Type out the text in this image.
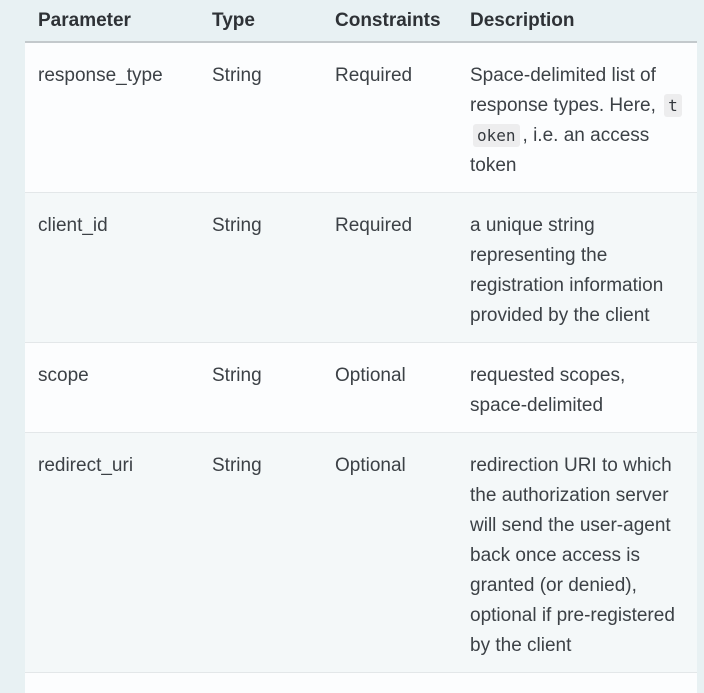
Parameter	Type	Constraints	Description
response_type	String	Required	Space-delimited list of response types. Here, token , i.e. an access token
client_id	String	Required	a unique string representing the registration information provided by the client
scope	String	Optional	requested scopes, space-delimited
redirect_uri	String	Optional	redirection URI to which the authorization server will send the user-agent back once access is granted (or denied), optional if pre-registered by the client
